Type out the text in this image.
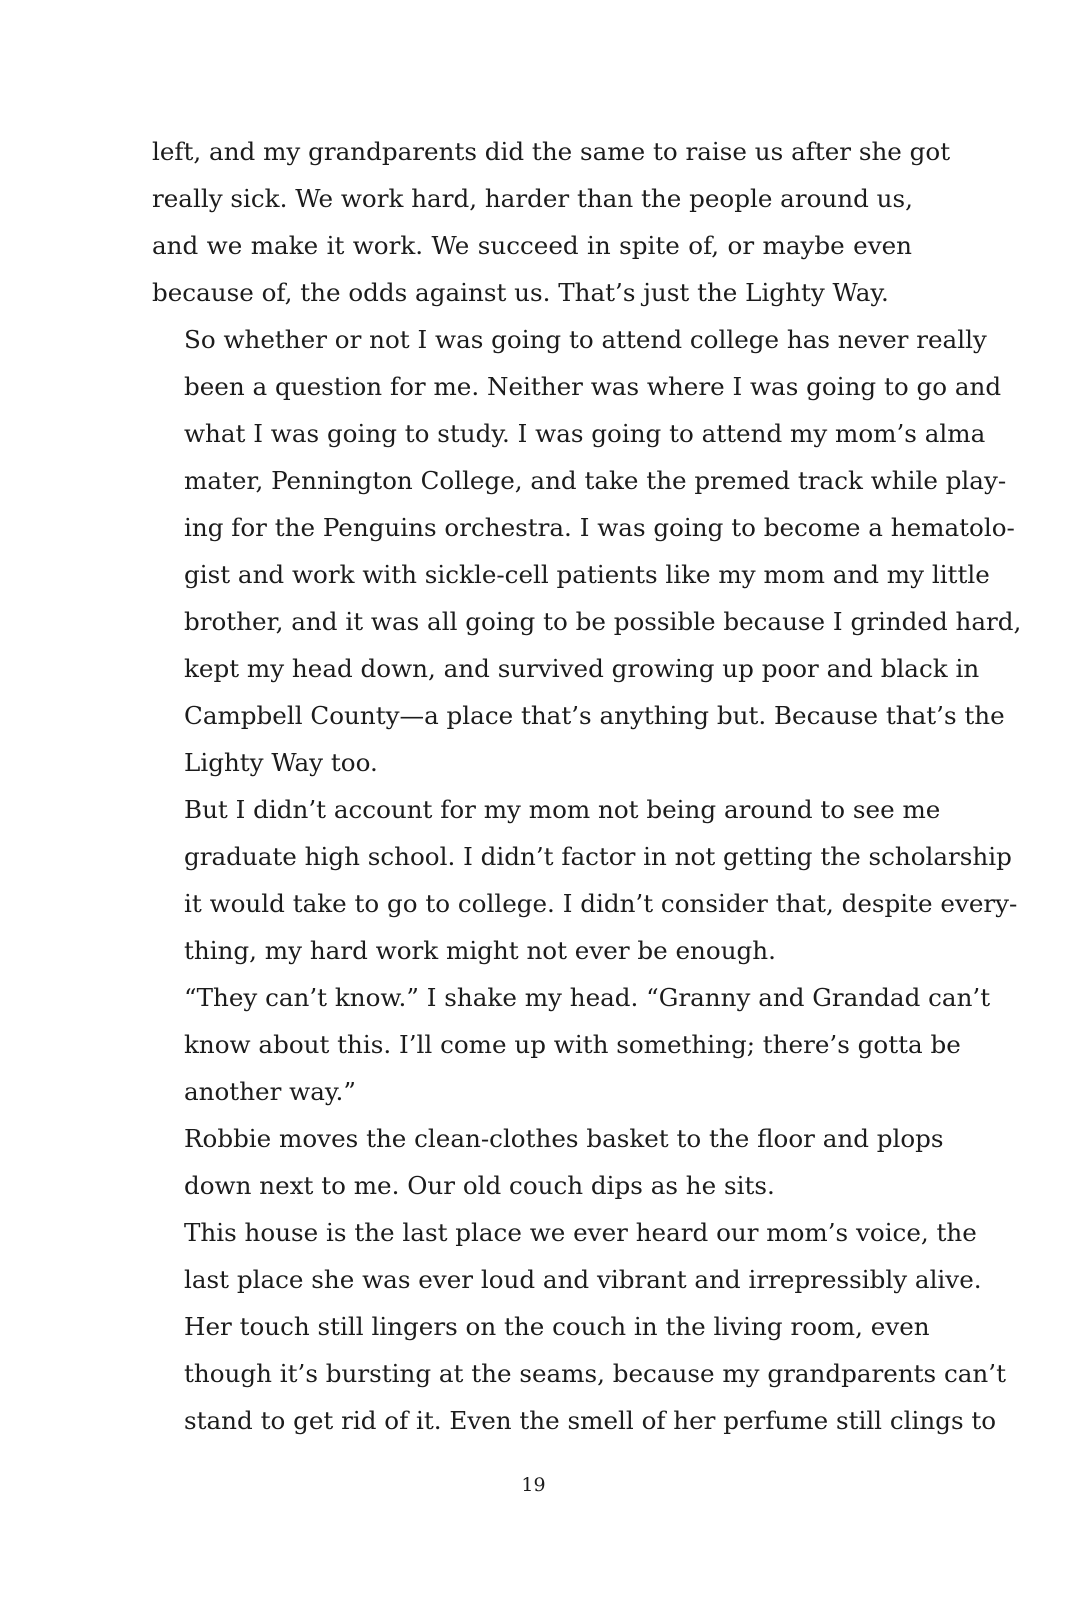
left, and my grandparents did the same to raise us after she got
really sick. We work hard, harder than the people around us,
and we make it work. We succeed in spite of, or maybe even
because of, the odds against us. That’s just the Lighty Way.

So whether or not I was going to attend college has never really
been a question for me. Neither was where I was going to go and
what I was going to study. I was going to attend my mom’s alma
mater, Pennington College, and take the premed track while play-
ing for the Penguins orchestra. I was going to become a hematolo-
gist and work with sickle-cell patients like my mom and my little
brother, and it was all going to be possible because I grinded hard,
kept my head down, and survived growing up poor and black in
Campbell County—a place that’s anything but. Because that’s the
Lighty Way too.

But I didn’t account for my mom not being around to see me
graduate high school. I didn’t factor in not getting the scholarship
it would take to go to college. I didn’t consider that, despite every-
thing, my hard work might not ever be enough.

“They can’t know.” I shake my head. “Granny and Grandad can’t
know about this. I’ll come up with something; there’s gotta be
another way.”

Robbie moves the clean-clothes basket to the floor and plops
down next to me. Our old couch dips as he sits.

This house is the last place we ever heard our mom’s voice, the
last place she was ever loud and vibrant and irrepressibly alive.
Her touch still lingers on the couch in the living room, even
though it’s bursting at the seams, because my grandparents can’t
stand to get rid of it. Even the smell of her perfume still clings to

19
